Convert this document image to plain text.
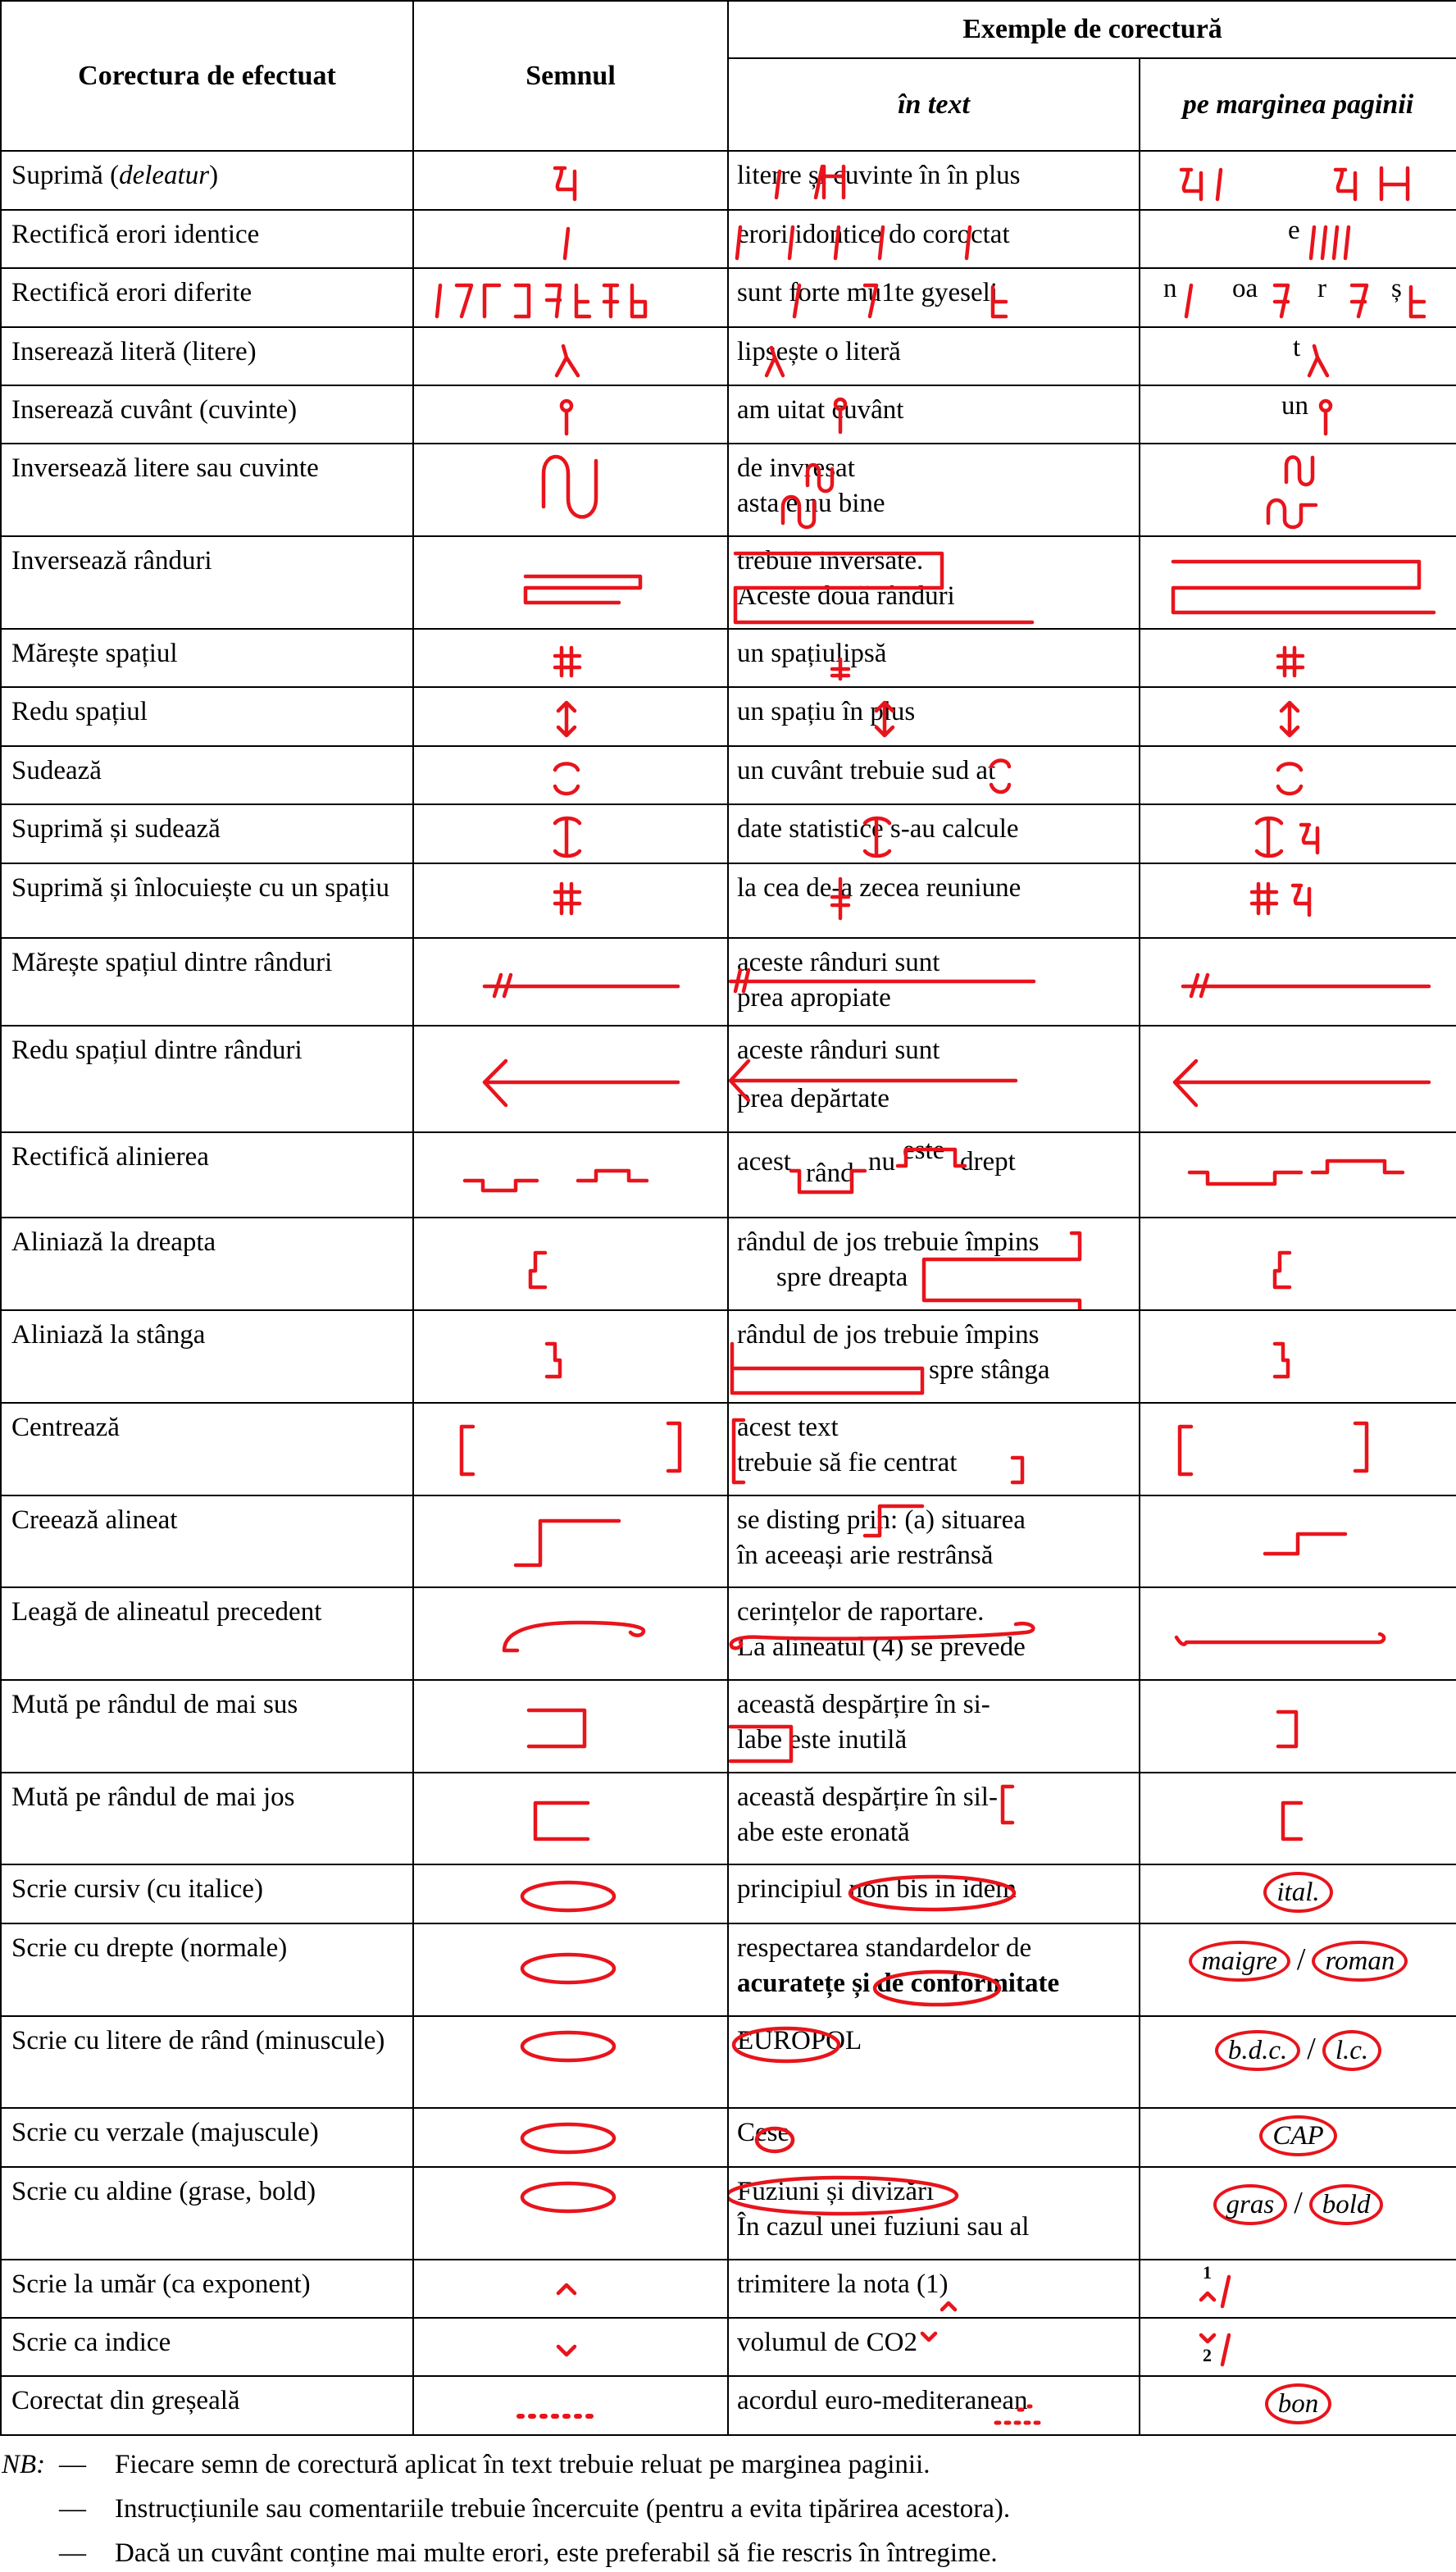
Corectura de efectuat	Semnul	Exemple de corectură	
		în text	pe marginea paginii
Suprimă (deleatur)		literre și cuvinte în în plus

Rectifică erori identice		erori idontice do coroctat	e

Rectifică erori diferite		sunt forte mu1te gyeseli	n oa r ș

Inserează literă (litere)		lipsește o literă	t

Inserează cuvânt (cuvinte)		am uitat cuvânt	un

Inversează litere sau cuvinte		de invresat
asta e nu bine

Inversează rânduri		trebuie inversate.
Aceste două rânduri

Mărește spațiul		un spațiulipsă

Redu spațiul		un spațiu în plus

Sudează		un cuvânt trebuie sud at

Suprimă și sudează		date statistice s-au calcule

Suprimă și înlocuiește cu un spațiu		la cea de-a zecea reuniune

Mărește spațiul dintre rânduri		aceste rânduri sunt
prea apropiate

Redu spațiul dintre rânduri		aceste rânduri sunt
prea depărtate

Rectifică alinierea		acest rând nu este drept

Aliniază la dreapta		rândul de jos trebuie împins
spre dreapta

Aliniază la stânga		rândul de jos trebuie împins
spre stânga

Centrează		acest text
trebuie să fie centrat

Creează alineat		se disting prin: (a) situarea
în aceeași arie restrânsă

Leagă de alineatul precedent		cerințelor de raportare.
La alineatul (4) se prevede

Mută pe rândul de mai sus		această despărțire în si-
labe este inutilă

Mută pe rândul de mai jos		această despărțire în sil-
abe este eronată

Scrie cursiv (cu italice)		principiul non bis in idem	ital.
Scrie cu drepte (normale)		respectarea standardelor de
acuratețe și de conformitate	maigre / roman
Scrie cu litere de rând (minuscule)		EUROPOL	b.d.c. / l.c.
Scrie cu verzale (majuscule)		Cese	CAP
Scrie cu aldine (grase, bold)		Fuziuni și divizări
În cazul unei fuziuni sau al	gras / bold
Scrie la umăr (ca exponent)		trimitere la nota (1)	1

Scrie ca indice		volumul de CO2	2

Corectat din greșeală		acordul euro-mediteranean	bon
NB: — Fiecare semn de corectură aplicat în text trebuie reluat pe marginea paginii.
— Instrucțiunile sau comentariile trebuie încercuite (pentru a evita tipărirea acestora).
— Dacă un cuvânt conține mai multe erori, este preferabil să fie rescris în întregime.
